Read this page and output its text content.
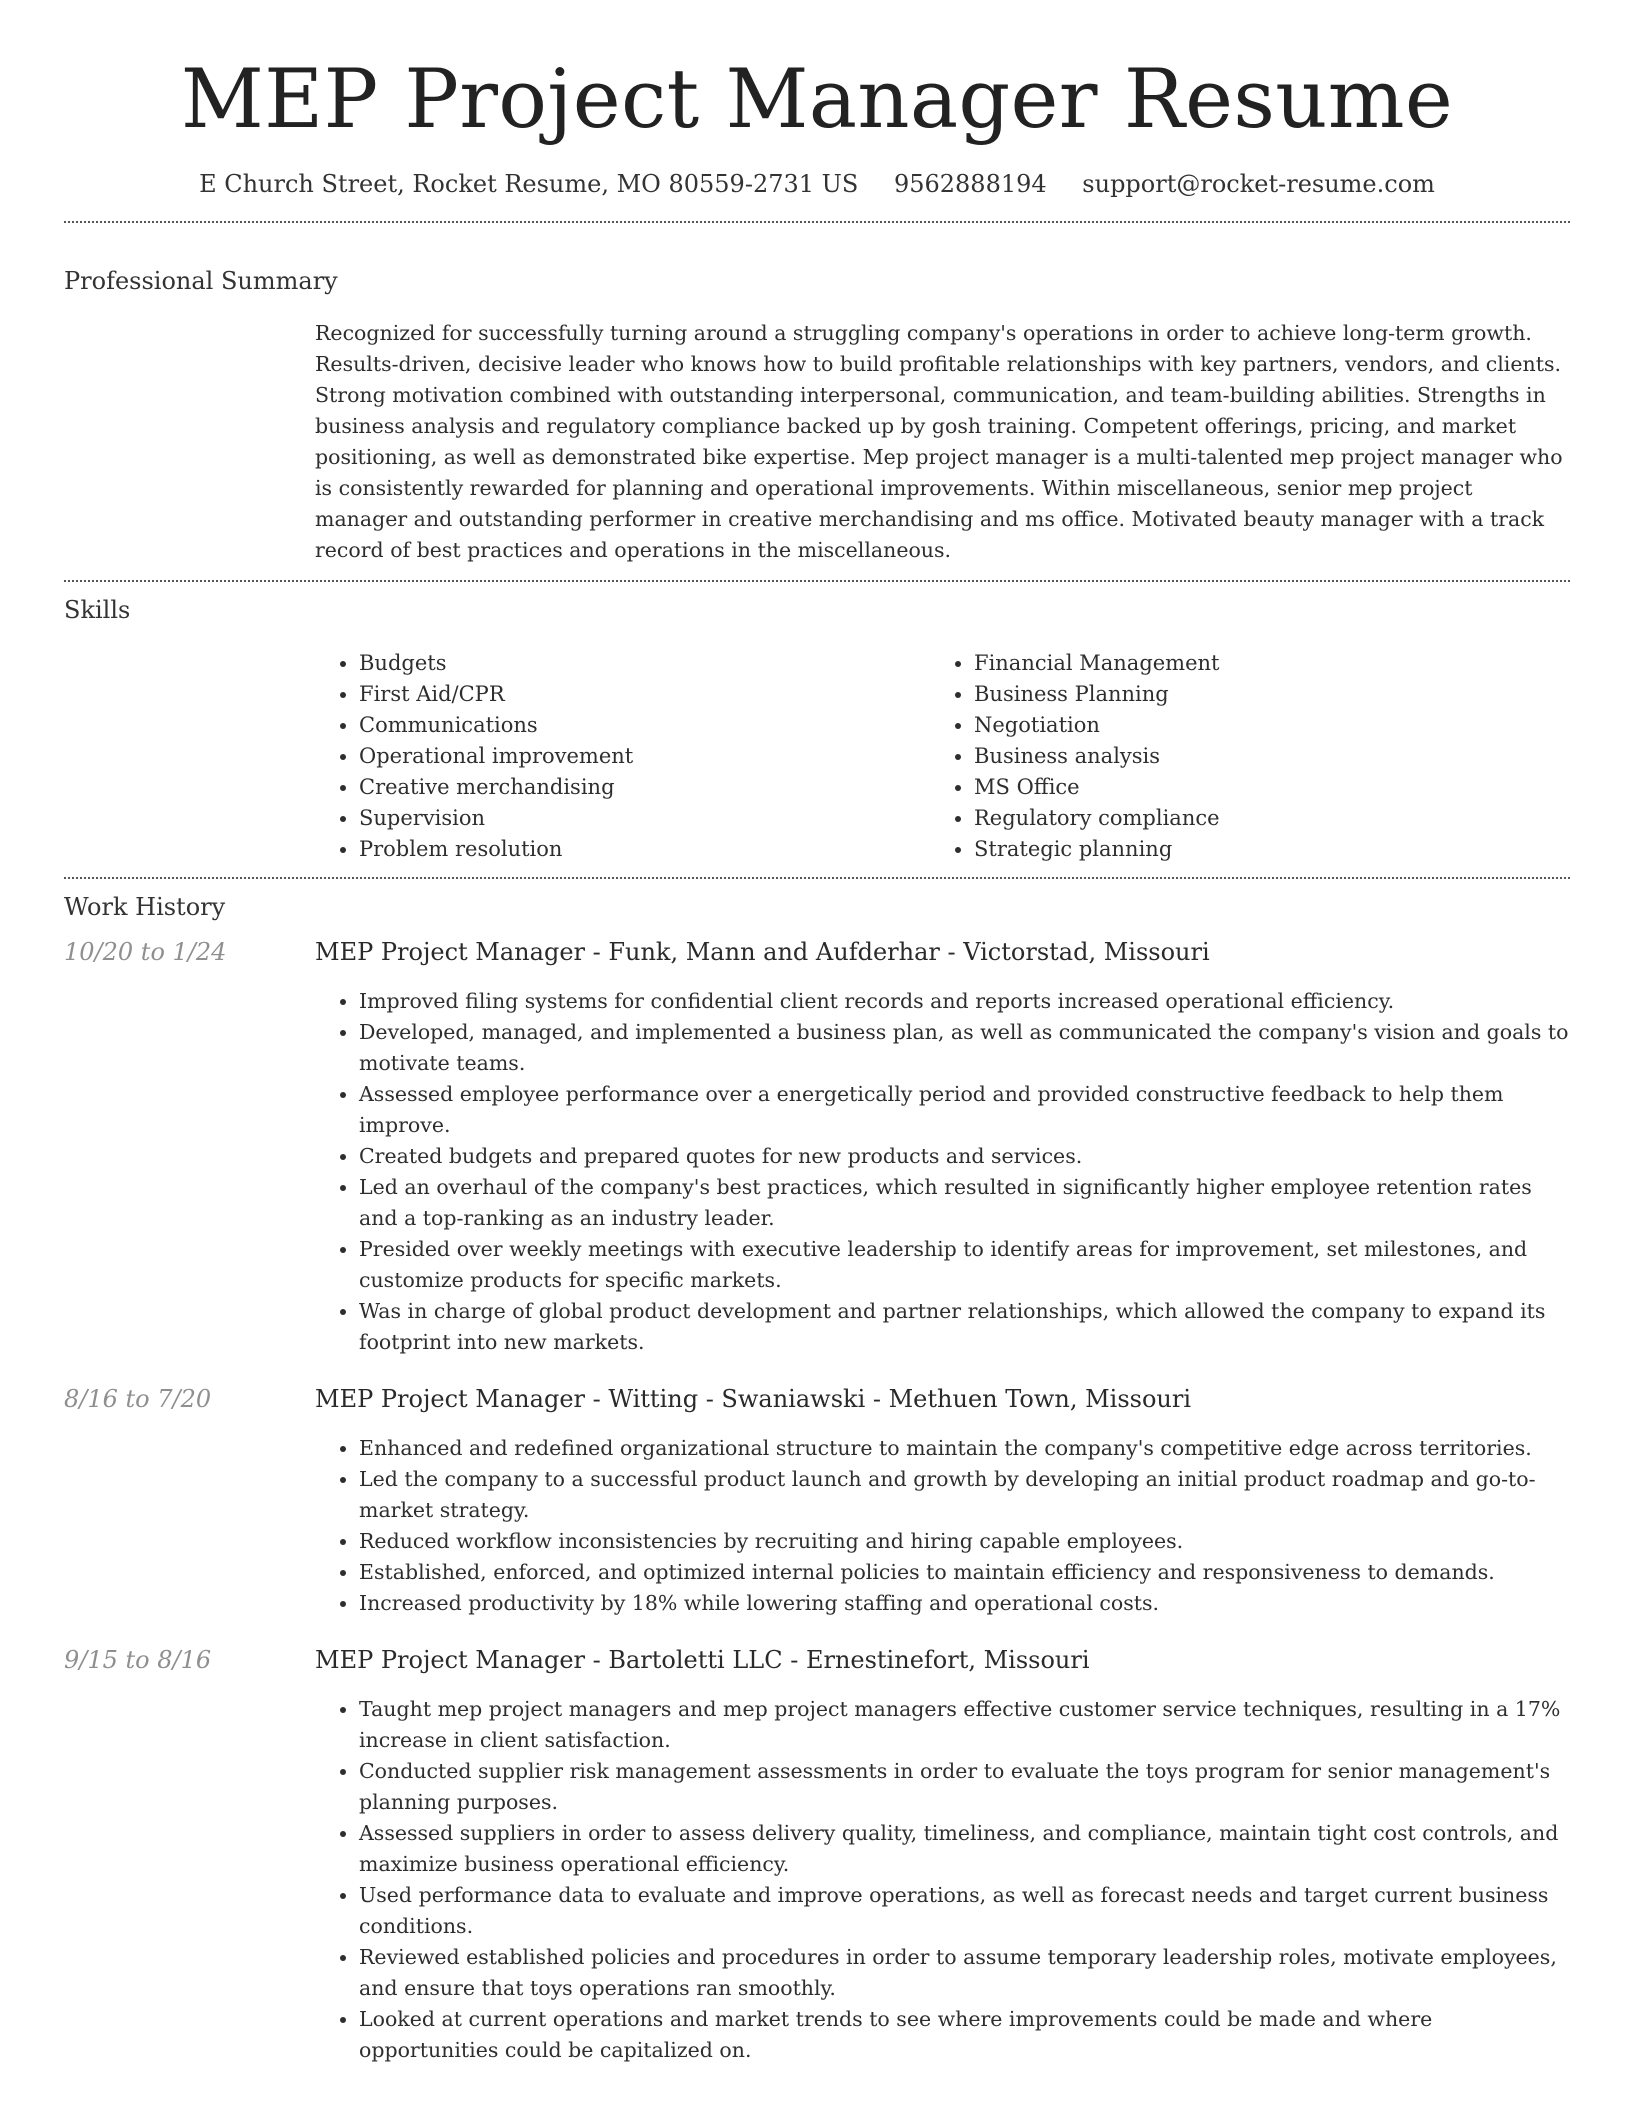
MEP Project Manager Resume
E Church Street, Rocket Resume, MO 80559-2731 US 9562888194 support@rocket-resume.com
Professional Summary
Recognized for successfully turning around a struggling company's operations in order to achieve long-term growth. Results-driven, decisive leader who knows how to build profitable relationships with key partners, vendors, and clients. Strong motivation combined with outstanding interpersonal, communication, and team-building abilities. Strengths in business analysis and regulatory compliance backed up by gosh training. Competent offerings, pricing, and market positioning, as well as demonstrated bike expertise. Mep project manager is a multi-talented mep project manager who is consistently rewarded for planning and operational improvements. Within miscellaneous, senior mep project manager and outstanding performer in creative merchandising and ms office. Motivated beauty manager with a track record of best practices and operations in the miscellaneous.
Skills
• Budgets
• First Aid/CPR
• Communications
• Operational improvement
• Creative merchandising
• Supervision
• Problem resolution
• Financial Management
• Business Planning
• Negotiation
• Business analysis
• MS Office
• Regulatory compliance
• Strategic planning
Work History
10/20 to 1/24	MEP Project Manager - Funk, Mann and Aufderhar - Victorstad, Missouri
• Improved filing systems for confidential client records and reports increased operational efficiency.
• Developed, managed, and implemented a business plan, as well as communicated the company's vision and goals to motivate teams.
• Assessed employee performance over a energetically period and provided constructive feedback to help them improve.
• Created budgets and prepared quotes for new products and services.
• Led an overhaul of the company's best practices, which resulted in significantly higher employee retention rates and a top-ranking as an industry leader.
• Presided over weekly meetings with executive leadership to identify areas for improvement, set milestones, and customize products for specific markets.
• Was in charge of global product development and partner relationships, which allowed the company to expand its footprint into new markets.
8/16 to 7/20	MEP Project Manager - Witting - Swaniawski - Methuen Town, Missouri
• Enhanced and redefined organizational structure to maintain the company's competitive edge across territories.
• Led the company to a successful product launch and growth by developing an initial product roadmap and go-to-market strategy.
• Reduced workflow inconsistencies by recruiting and hiring capable employees.
• Established, enforced, and optimized internal policies to maintain efficiency and responsiveness to demands.
• Increased productivity by 18% while lowering staffing and operational costs.
9/15 to 8/16	MEP Project Manager - Bartoletti LLC - Ernestinefort, Missouri
• Taught mep project managers and mep project managers effective customer service techniques, resulting in a 17% increase in client satisfaction.
• Conducted supplier risk management assessments in order to evaluate the toys program for senior management's planning purposes.
• Assessed suppliers in order to assess delivery quality, timeliness, and compliance, maintain tight cost controls, and maximize business operational efficiency.
• Used performance data to evaluate and improve operations, as well as forecast needs and target current business conditions.
• Reviewed established policies and procedures in order to assume temporary leadership roles, motivate employees, and ensure that toys operations ran smoothly.
• Looked at current operations and market trends to see where improvements could be made and where opportunities could be capitalized on.
